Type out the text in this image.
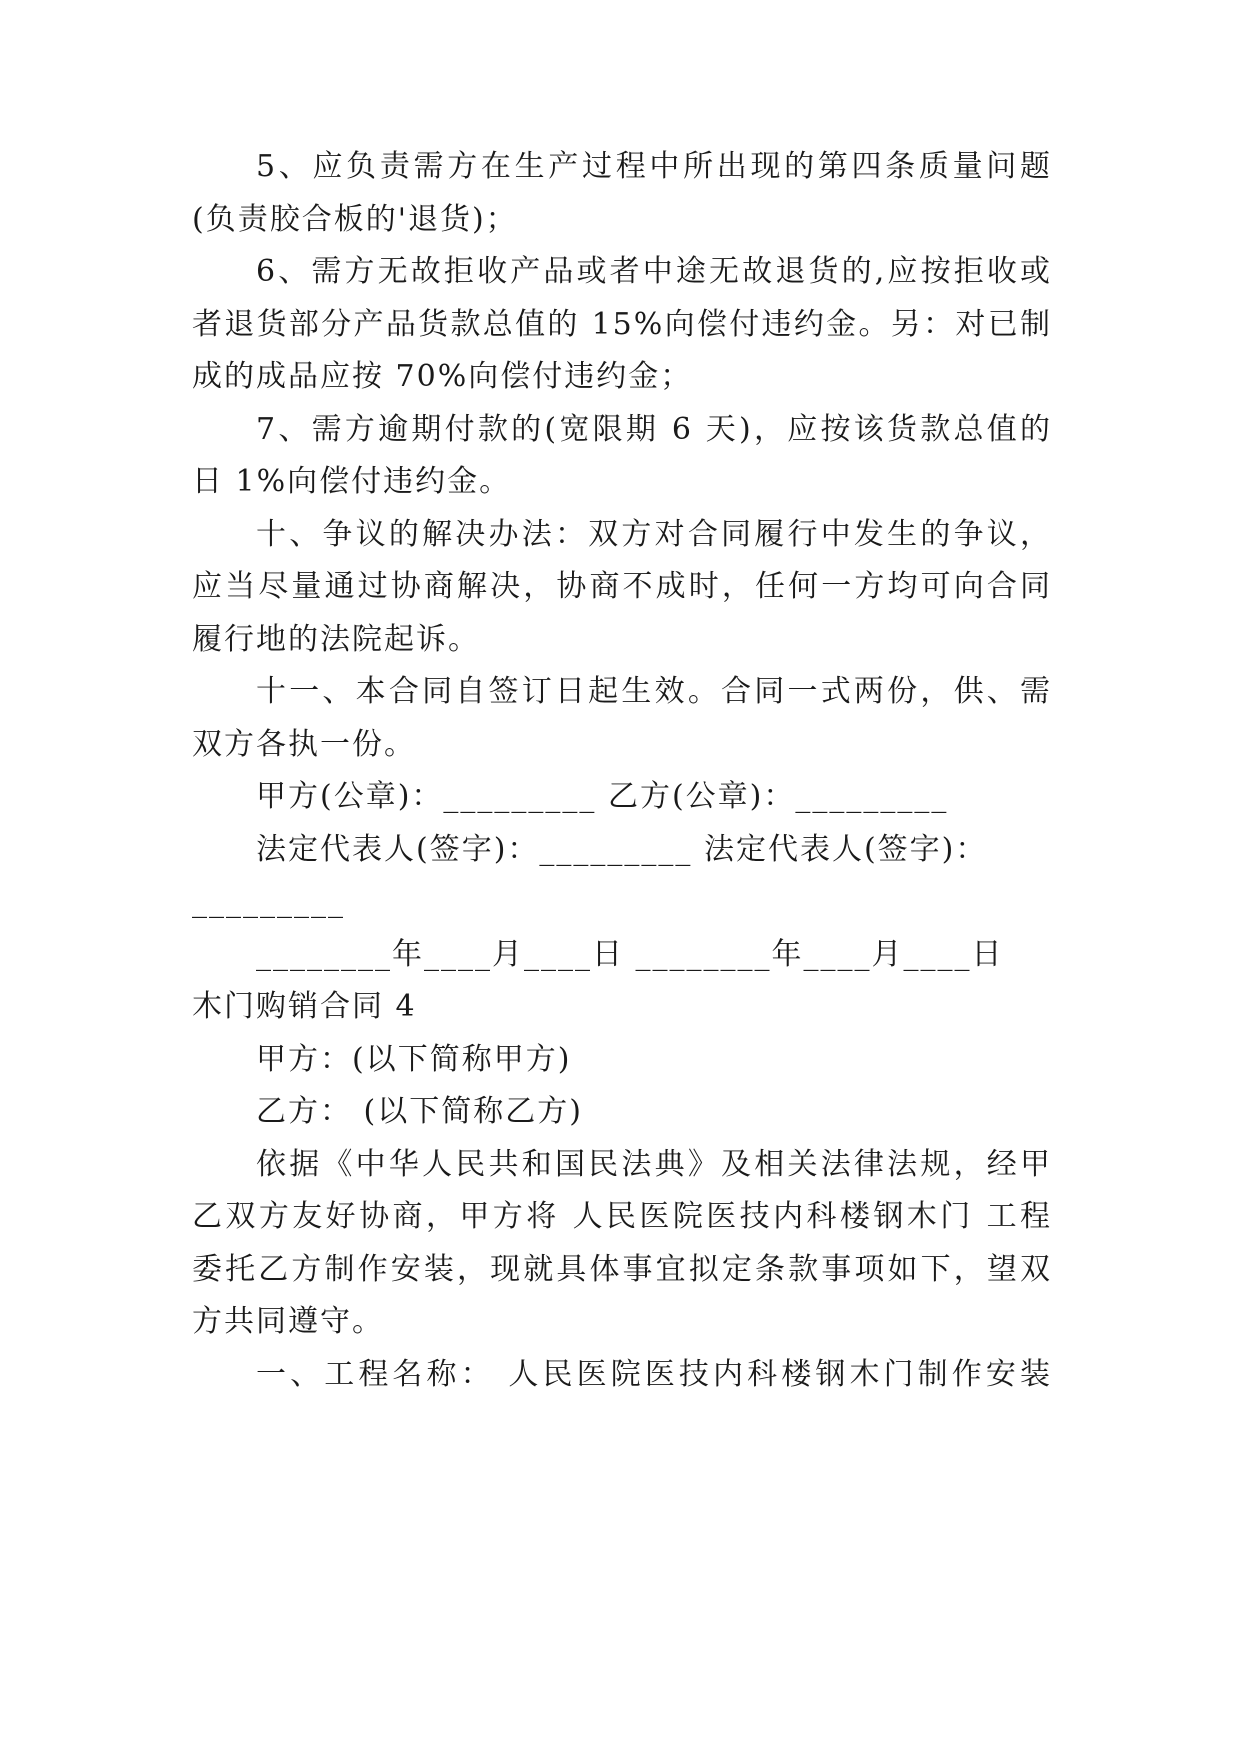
5、应负责需方在生产过程中所出现的第四条质量问题
(负责胶合板的'退货)；
6、需方无故拒收产品或者中途无故退货的,应按拒收或
者退货部分产品货款总值的 15%向偿付违约金。另：对已制
成的成品应按 70%向偿付违约金；
7、需方逾期付款的(宽限期 6 天)，应按该货款总值的
日 1%向偿付违约金。
十、争议的解决办法：双方对合同履行中发生的争议，
应当尽量通过协商解决，协商不成时，任何一方均可向合同
履行地的法院起诉。
十一、本合同自签订日起生效。合同一式两份，供、需
双方各执一份。
甲方(公章)：_________ 乙方(公章)：_________
法定代表人(签字)：_________ 法定代表人(签字)：
_________
________年____月____日 ________年____月____日
木门购销合同 4
甲方：(以下简称甲方)
乙方： (以下简称乙方)
依据《中华人民共和国民法典》及相关法律法规，经甲
乙双方友好协商，甲方将 人民医院医技内科楼钢木门 工程
委托乙方制作安装，现就具体事宜拟定条款事项如下，望双
方共同遵守。
一、工程名称： 人民医院医技内科楼钢木门制作安装
